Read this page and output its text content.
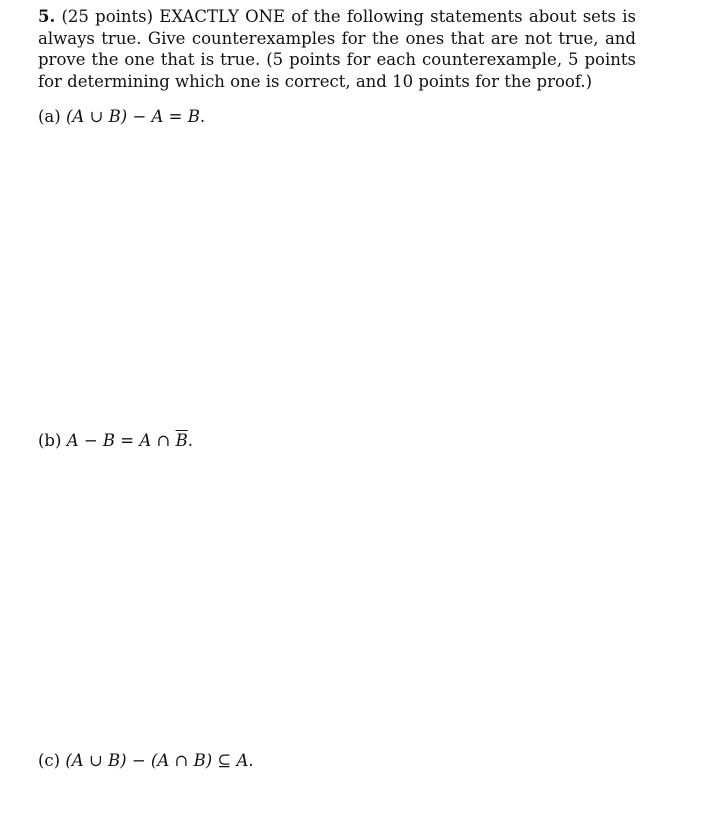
5. (25 points) EXACTLY ONE of the following statements about sets is always true. Give counterexamples for the ones that are not true, and prove the one that is true. (5 points for each counterexample, 5 points for determining which one is correct, and 10 points for the proof.)
(a) (A ∪ B) − A = B.
(b) A − B = A ∩ $\overline{B}$.
(c) (A ∪ B) − (A ∩ B) ⊆ A.
